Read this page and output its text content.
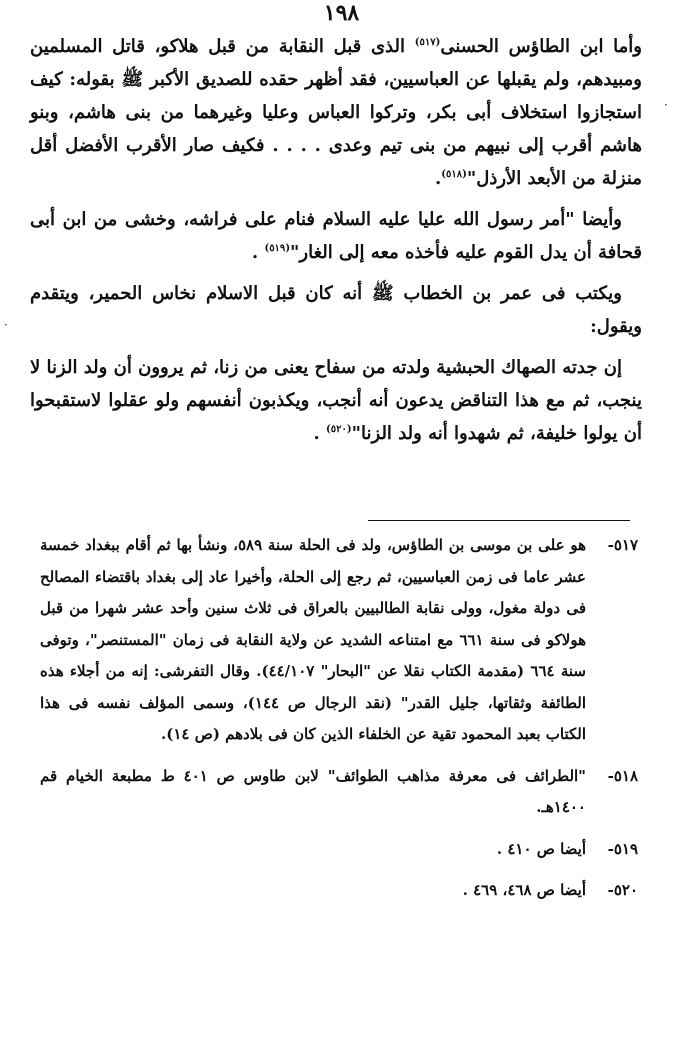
١٩٨
·
·

وأما ابن الطاؤس الحسنى$^{(٥١٧)}$ الذى قبل النقابة من قبل هلاكو، قاتل المسلمين ومبيدهم، ولم يقبلها عن العباسيين، فقد أظهر حقده للصديق الأكبر ﷺ بقوله: كيف استجازوا استخلاف أبى بكر، وتركوا العباس وعليا وغيرهما من بنى هاشم، وبنو هاشم أقرب إلى نبيهم من بنى تيم وعدى . . . . فكيف صار الأقرب الأفضل أقل منزلة من الأبعد الأرذل"$^{(٥١٨)}$.

وأيضا "أمر رسول الله عليا عليه السلام فنام على فراشه، وخشى من ابن أبى قحافة أن يدل القوم عليه فأخذه معه إلى الغار"$^{(٥١٩)}$ .

ويكتب فى عمر بن الخطاب ﷺ أنه كان قبل الاسلام نخاس الحمير، ويتقدم ويقول:

إن جدته الصهاك الحبشية ولدته من سفاح يعنى من زنا، ثم يروون أن ولد الزنا لا ينجب، ثم مع هذا التناقض يدعون أنه أنجب، ويكذبون أنفسهم ولو عقلوا لاستقبحوا أن يولوا خليفة، ثم شهدوا أنه ولد الزنا"$^{(٥٢٠)}$ .

٥١٧-
هو على بن موسى بن الطاؤس، ولد فى الحلة سنة ٥٨٩، ونشأ بها ثم أقام ببغداد خمسة عشر عاما فى زمن العباسيين، ثم رجع إلى الحلة، وأخيرا عاد إلى بغداد باقتضاء المصالح فى دولة مغول، وولى نقابة الطالبيين بالعراق فى ثلاث سنين وأحد عشر شهرا من قبل هولاكو فى سنة ٦٦١ مع امتناعه الشديد عن ولاية النقابة فى زمان "المستنصر"، وتوفى سنة ٦٦٤ (مقدمة الكتاب نقلا عن "البحار" ٤٤/١٠٧). وقال التفرشى: إنه من أجلاء هذه الطائفة وثقاتها، جليل القدر" (نقد الرجال ص ١٤٤)، وسمى المؤلف نفسه فى هذا الكتاب بعبد المحمود تقية عن الخلفاء الذين كان فى بلادهم (ص ١٤).
٥١٨-
"الطرائف فى معرفة مذاهب الطوائف" لابن طاوس ص ٤٠١ ط مطبعة الخيام قم ١٤٠٠هـ.
٥١٩-
أيضا ص ٤١٠ .
٥٢٠-
أيضا ص ٤٦٨، ٤٦٩ .
